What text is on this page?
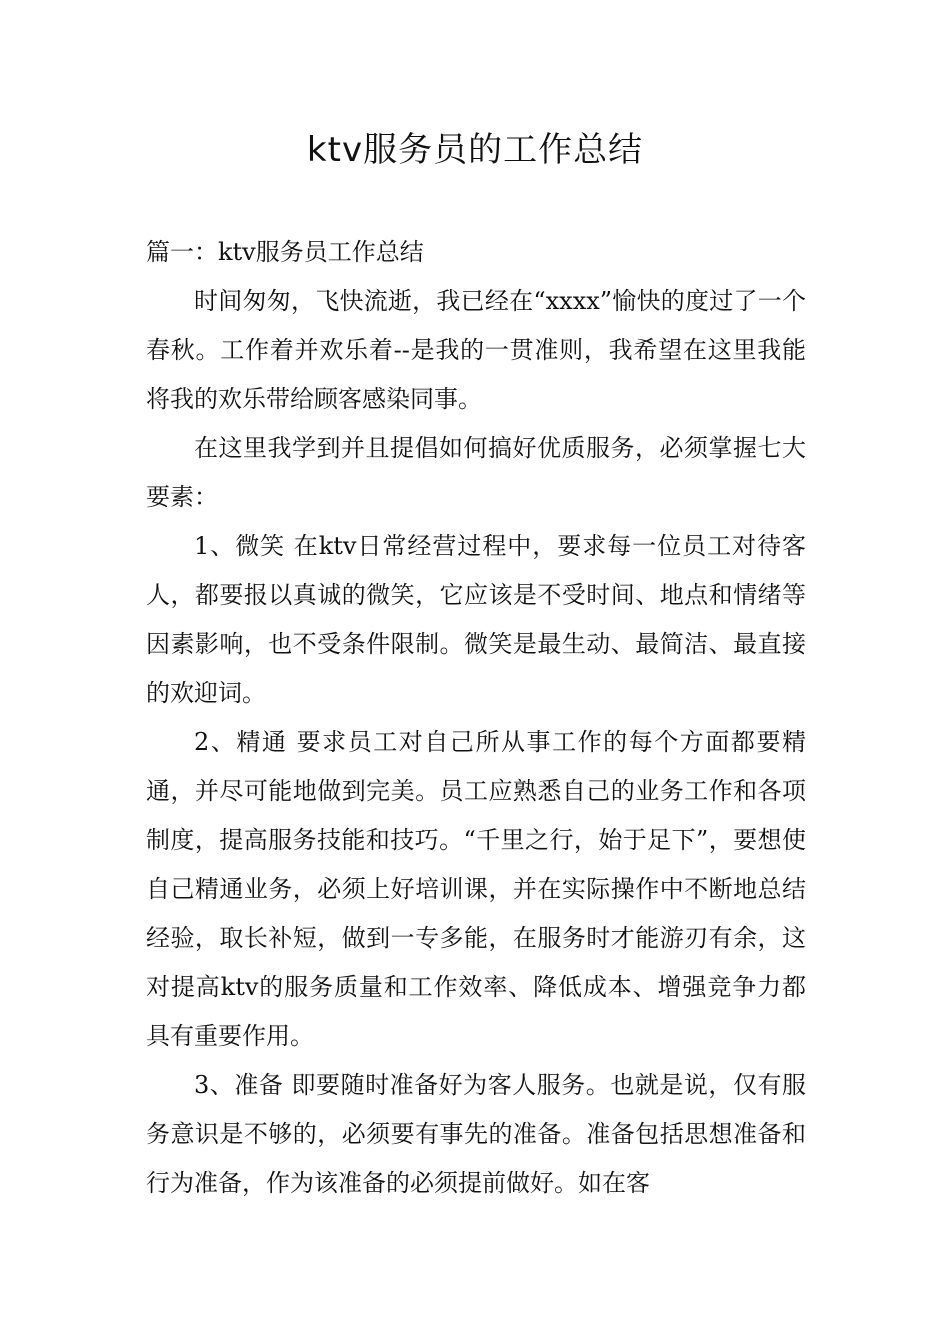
ktv服务员的工作总结

篇一：ktv服务员工作总结

时间匆匆，飞快流逝，我已经在“xxxx”愉快的度过了一个春秋。工作着并欢乐着--是我的一贯准则，我希望在这里我能将我的欢乐带给顾客感染同事。

在这里我学到并且提倡如何搞好优质服务，必须掌握七大要素：

1、微笑 在ktv日常经营过程中，要求每一位员工对待客人，都要报以真诚的微笑，它应该是不受时间、地点和情绪等因素影响，也不受条件限制。微笑是最生动、最简洁、最直接的欢迎词。

2、精通 要求员工对自己所从事工作的每个方面都要精通，并尽可能地做到完美。员工应熟悉自己的业务工作和各项制度，提高服务技能和技巧。“千里之行，始于足下”，要想使自己精通业务，必须上好培训课，并在实际操作中不断地总结经验，取长补短，做到一专多能，在服务时才能游刃有余，这对提高ktv的服务质量和工作效率、降低成本、增强竞争力都具有重要作用。

3、准备 即要随时准备好为客人服务。也就是说，仅有服务意识是不够的，必须要有事先的准备。准备包括思想准备和行为准备，作为该准备的必须提前做好。如在客
